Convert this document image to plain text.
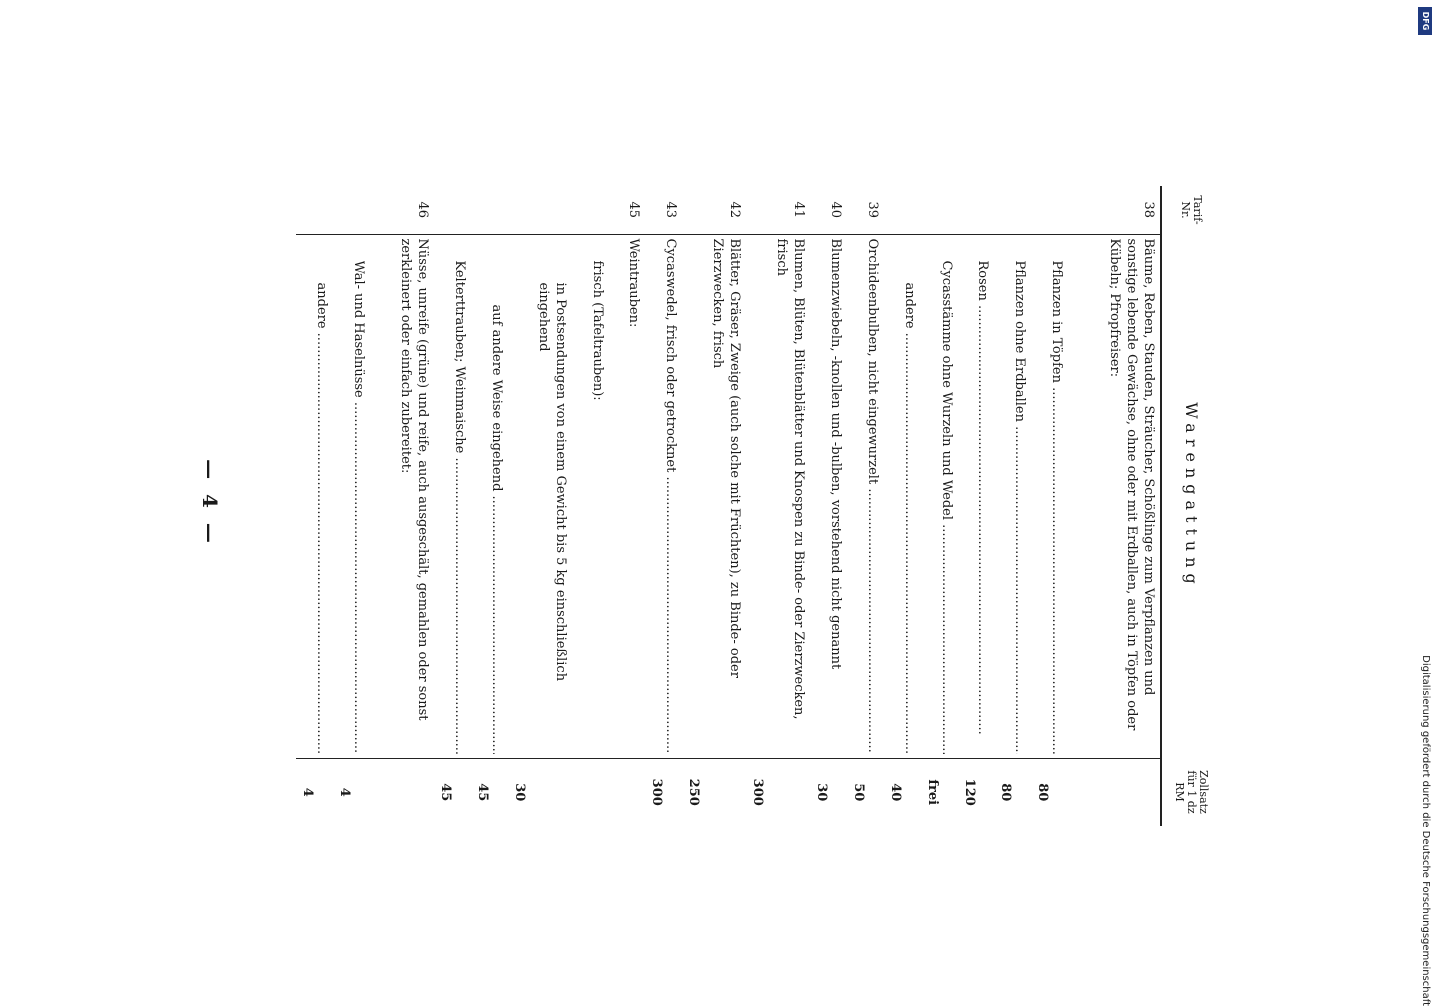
Digitalisierung gefördert durch die Deutsche Forschungsgemeinschaft
DFG
— 4 —
Tarif-Nr.	Warengattung	Zollsatz
für 1 dz
RM

38	Bäume, Reben, Stauden, Sträucher, Schößlinge zum Verpflanzen und sonstige lebende Gewächse, ohne oder mit Erdballen, auch in Töpfen oder Kübeln; Pfropfreiser:	

	Pflanzen in Töpfen .....	80

	Pflanzen ohne Erdballen .....	80

	Rosen .....	120

	Cycasstämme ohne Wurzeln und Wedel .....	frei

	andere .....	40
39	Orchideenbulben, nicht eingewurzelt .....	50
40	Blumenzwiebeln, -knollen und -bulben, vorstehend nicht genannt	30
41	Blumen, Blüten, Blütenblätter und Knospen zu Binde- oder Zierzwecken, frisch	300
42	Blätter, Gräser, Zweige (auch solche mit Früchten), zu Binde- oder Zierzwecken, frisch	250
43	Cycaswedel, frisch oder getrocknet .....	300
45	Weintrauben:	

	frisch (Tafeltrauben):	

	in Postsendungen von einem Gewicht bis 5 kg einschließlich eingehend	30

	auf andere Weise eingehend .....	45

	Kelterttrauben; Weinmaische .....	45
46	Nüsse, unreife (grüne) und reife, auch ausgeschält, gemahlen oder sonst zerkleinert oder einfach zubereitet:	

	Wal- und Haselnüsse .....	4

	andere .....	4
